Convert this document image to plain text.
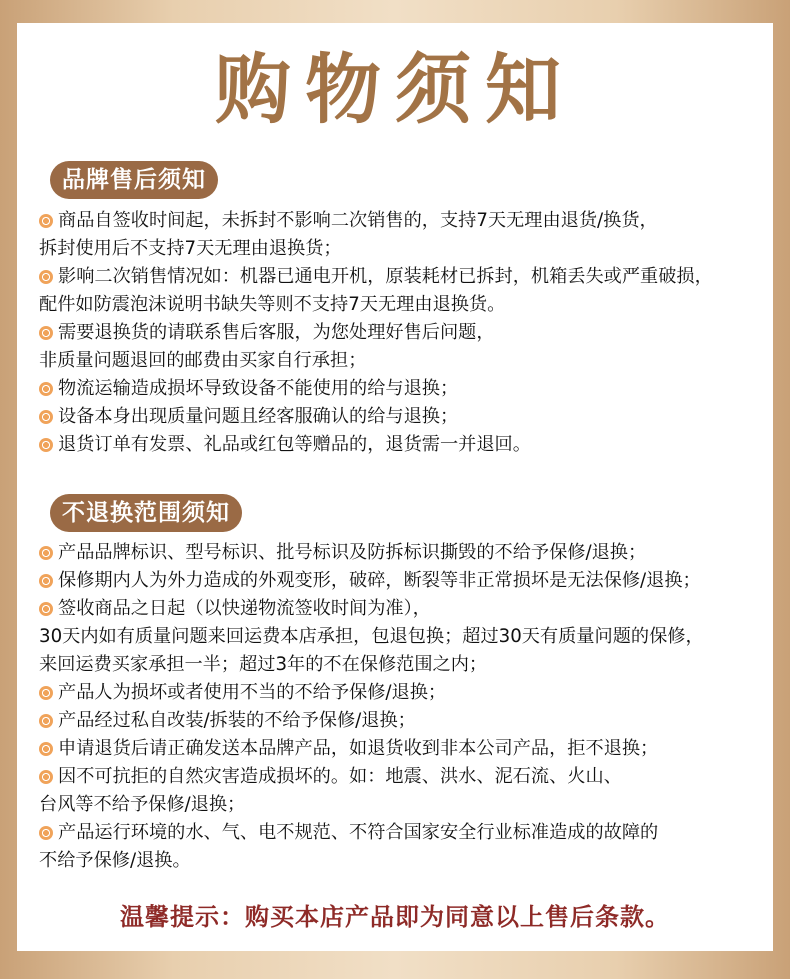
购物须知
品牌售后须知
商品自签收时间起，未拆封不影响二次销售的，支持7天无理由退货/换货，
拆封使用后不支持7天无理由退换货；
影响二次销售情况如：机器已通电开机，原装耗材已拆封，机箱丢失或严重破损，
配件如防震泡沫说明书缺失等则不支持7天无理由退换货。
需要退换货的请联系售后客服，为您处理好售后问题，
非质量问题退回的邮费由买家自行承担；
物流运输造成损坏导致设备不能使用的给与退换；
设备本身出现质量问题且经客服确认的给与退换；
退货订单有发票、礼品或红包等赠品的，退货需一并退回。
不退换范围须知
产品品牌标识、型号标识、批号标识及防拆标识撕毁的不给予保修/退换；
保修期内人为外力造成的外观变形，破碎，断裂等非正常损坏是无法保修/退换；
签收商品之日起（以快递物流签收时间为准），
30天内如有质量问题来回运费本店承担，包退包换；超过30天有质量问题的保修，
来回运费买家承担一半；超过3年的不在保修范围之内；
产品人为损坏或者使用不当的不给予保修/退换；
产品经过私自改装/拆装的不给予保修/退换；
申请退货后请正确发送本品牌产品，如退货收到非本公司产品，拒不退换；
因不可抗拒的自然灾害造成损坏的。如：地震、洪水、泥石流、火山、
台风等不给予保修/退换；
产品运行环境的水、气、电不规范、不符合国家安全行业标准造成的故障的
不给予保修/退换。
温馨提示：购买本店产品即为同意以上售后条款。
